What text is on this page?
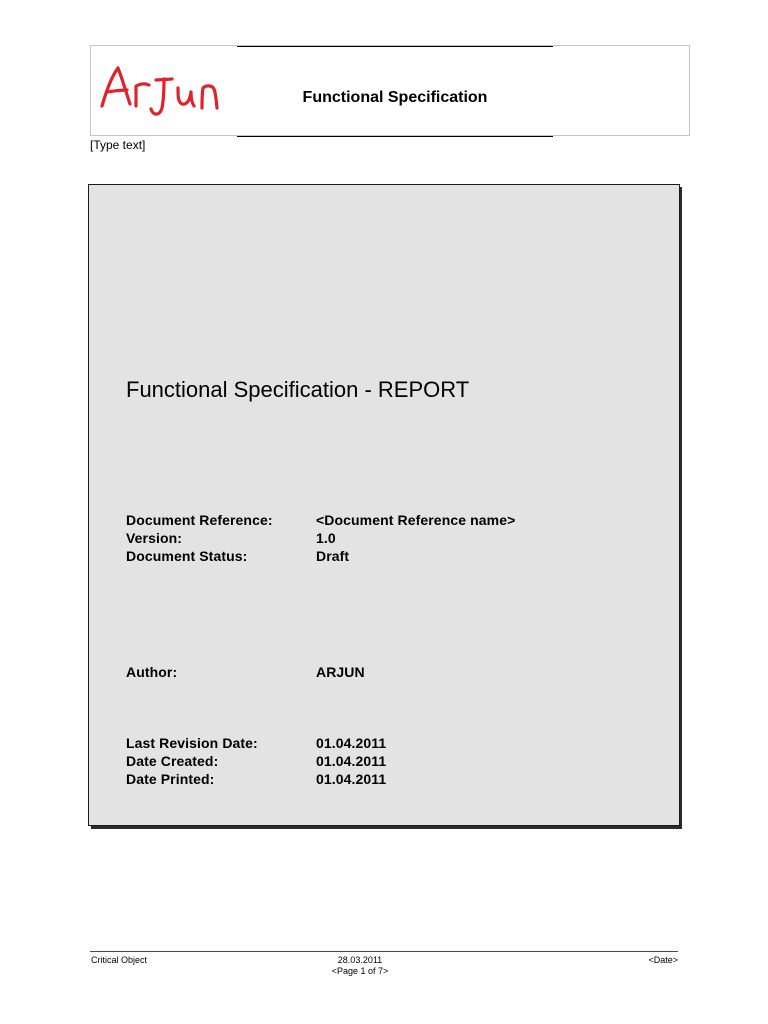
Functional Specification
[Type text]
Functional Specification - REPORT
Document Reference:	<Document Reference name>
Version:	1.0
Document Status:	Draft
Author:	ARJUN
Last Revision Date:	01.04.2011
Date Created:	01.04.2011
Date Printed:	01.04.2011
Critical Object	28.03.2011
<Page 1 of 7>
<Date>
